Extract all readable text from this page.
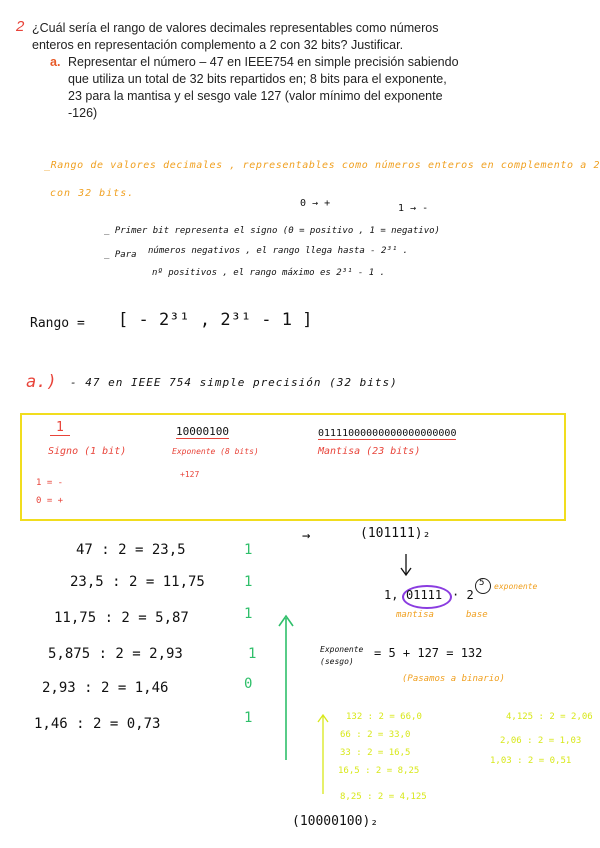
2 ¿Cuál sería el rango de valores decimales representables como números
enteros en representación complemento a 2 con 32 bits? Justificar.
a. Representar el número – 47 en IEEE754 en simple precisión sabiendo
que utiliza un total de 32 bits repartidos en; 8 bits para el exponente,
23 para la mantisa y el sesgo vale 127 (valor mínimo del exponente
-126)
_Rango de valores decimales , representables como números enteros en complemento a 2
con 32 bits.
0 → +	1 → -
_ Primer bit representa el signo (0 = positivo , 1 = negativo)
_ Para números negativos , el rango llega hasta - 2³¹ .
nº positivos , el rango máximo es 2³¹ - 1 .
Rango = [ - 2³¹ , 2³¹ - 1 ]
a.) - 47 en IEEE 754 simple precisión (32 bits)
1
Signo (1 bit)
1 = -
0 = +
10000100
Exponente (8 bits)
+127
01111000000000000000000
Mantisa (23 bits)
47 : 2 = 23,5	1
23,5 : 2 = 11,75	1
11,75 : 2 = 5,87	1
5,875 : 2 = 2,93	1
2,93 : 2 = 1,46	0
1,46 : 2 = 0,73	1
→	(101111)₂
1, 01111 · 2
5 exponente
mantisa	base
Exponente (sesgo)
= 5 + 127 = 132
(Pasamos a binario)
132 : 2 = 66,0
66 : 2 = 33,0
33 : 2 = 16,5
16,5 : 2 = 8,25
8,25 : 2 = 4,125
4,125 : 2 = 2,06
2,06 : 2 = 1,03
1,03 : 2 = 0,51
(10000100)₂
